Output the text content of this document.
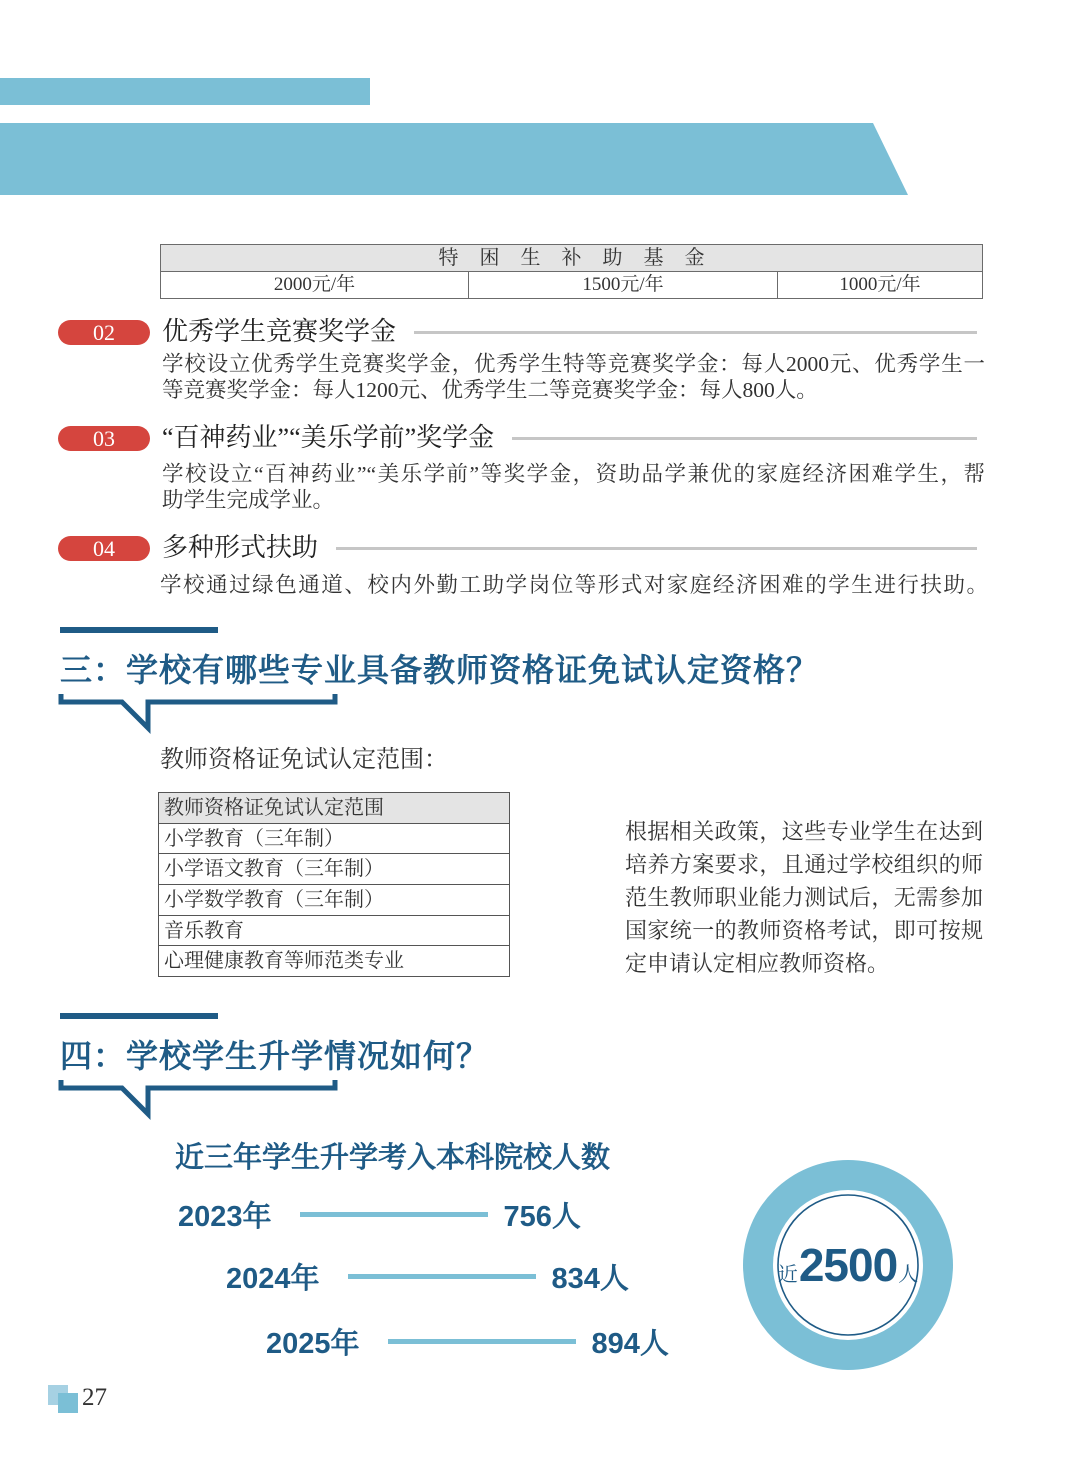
特困生补助基金
2000元/年	1500元/年	1000元/年
02	优秀学生竞赛奖学金
学校设立优秀学生竞赛奖学金，优秀学生特等竞赛奖学金：每人2000元、优秀学生一
等竞赛奖学金：每人1200元、优秀学生二等竞赛奖学金：每人800人。
03	“百神药业”“美乐学前”奖学金
学校设立“百神药业”“美乐学前”等奖学金，资助品学兼优的家庭经济困难学生，帮
助学生完成学业。
04	多种形式扶助
学校通过绿色通道、校内外勤工助学岗位等形式对家庭经济困难的学生进行扶助。
三：学校有哪些专业具备教师资格证免试认定资格？
教师资格证免试认定范围：
教师资格证免试认定范围
小学教育（三年制）
小学语文教育（三年制）
小学数学教育（三年制）
音乐教育
心理健康教育等师范类专业
根据相关政策，这些专业学生在达到
培养方案要求，且通过学校组织的师
范生教师职业能力测试后，无需参加
国家统一的教师资格考试，即可按规
定申请认定相应教师资格。
四：学校学生升学情况如何？
近三年学生升学考入本科院校人数
2023年	756人
2024年	834人
2025年	894人
近2500人
27
